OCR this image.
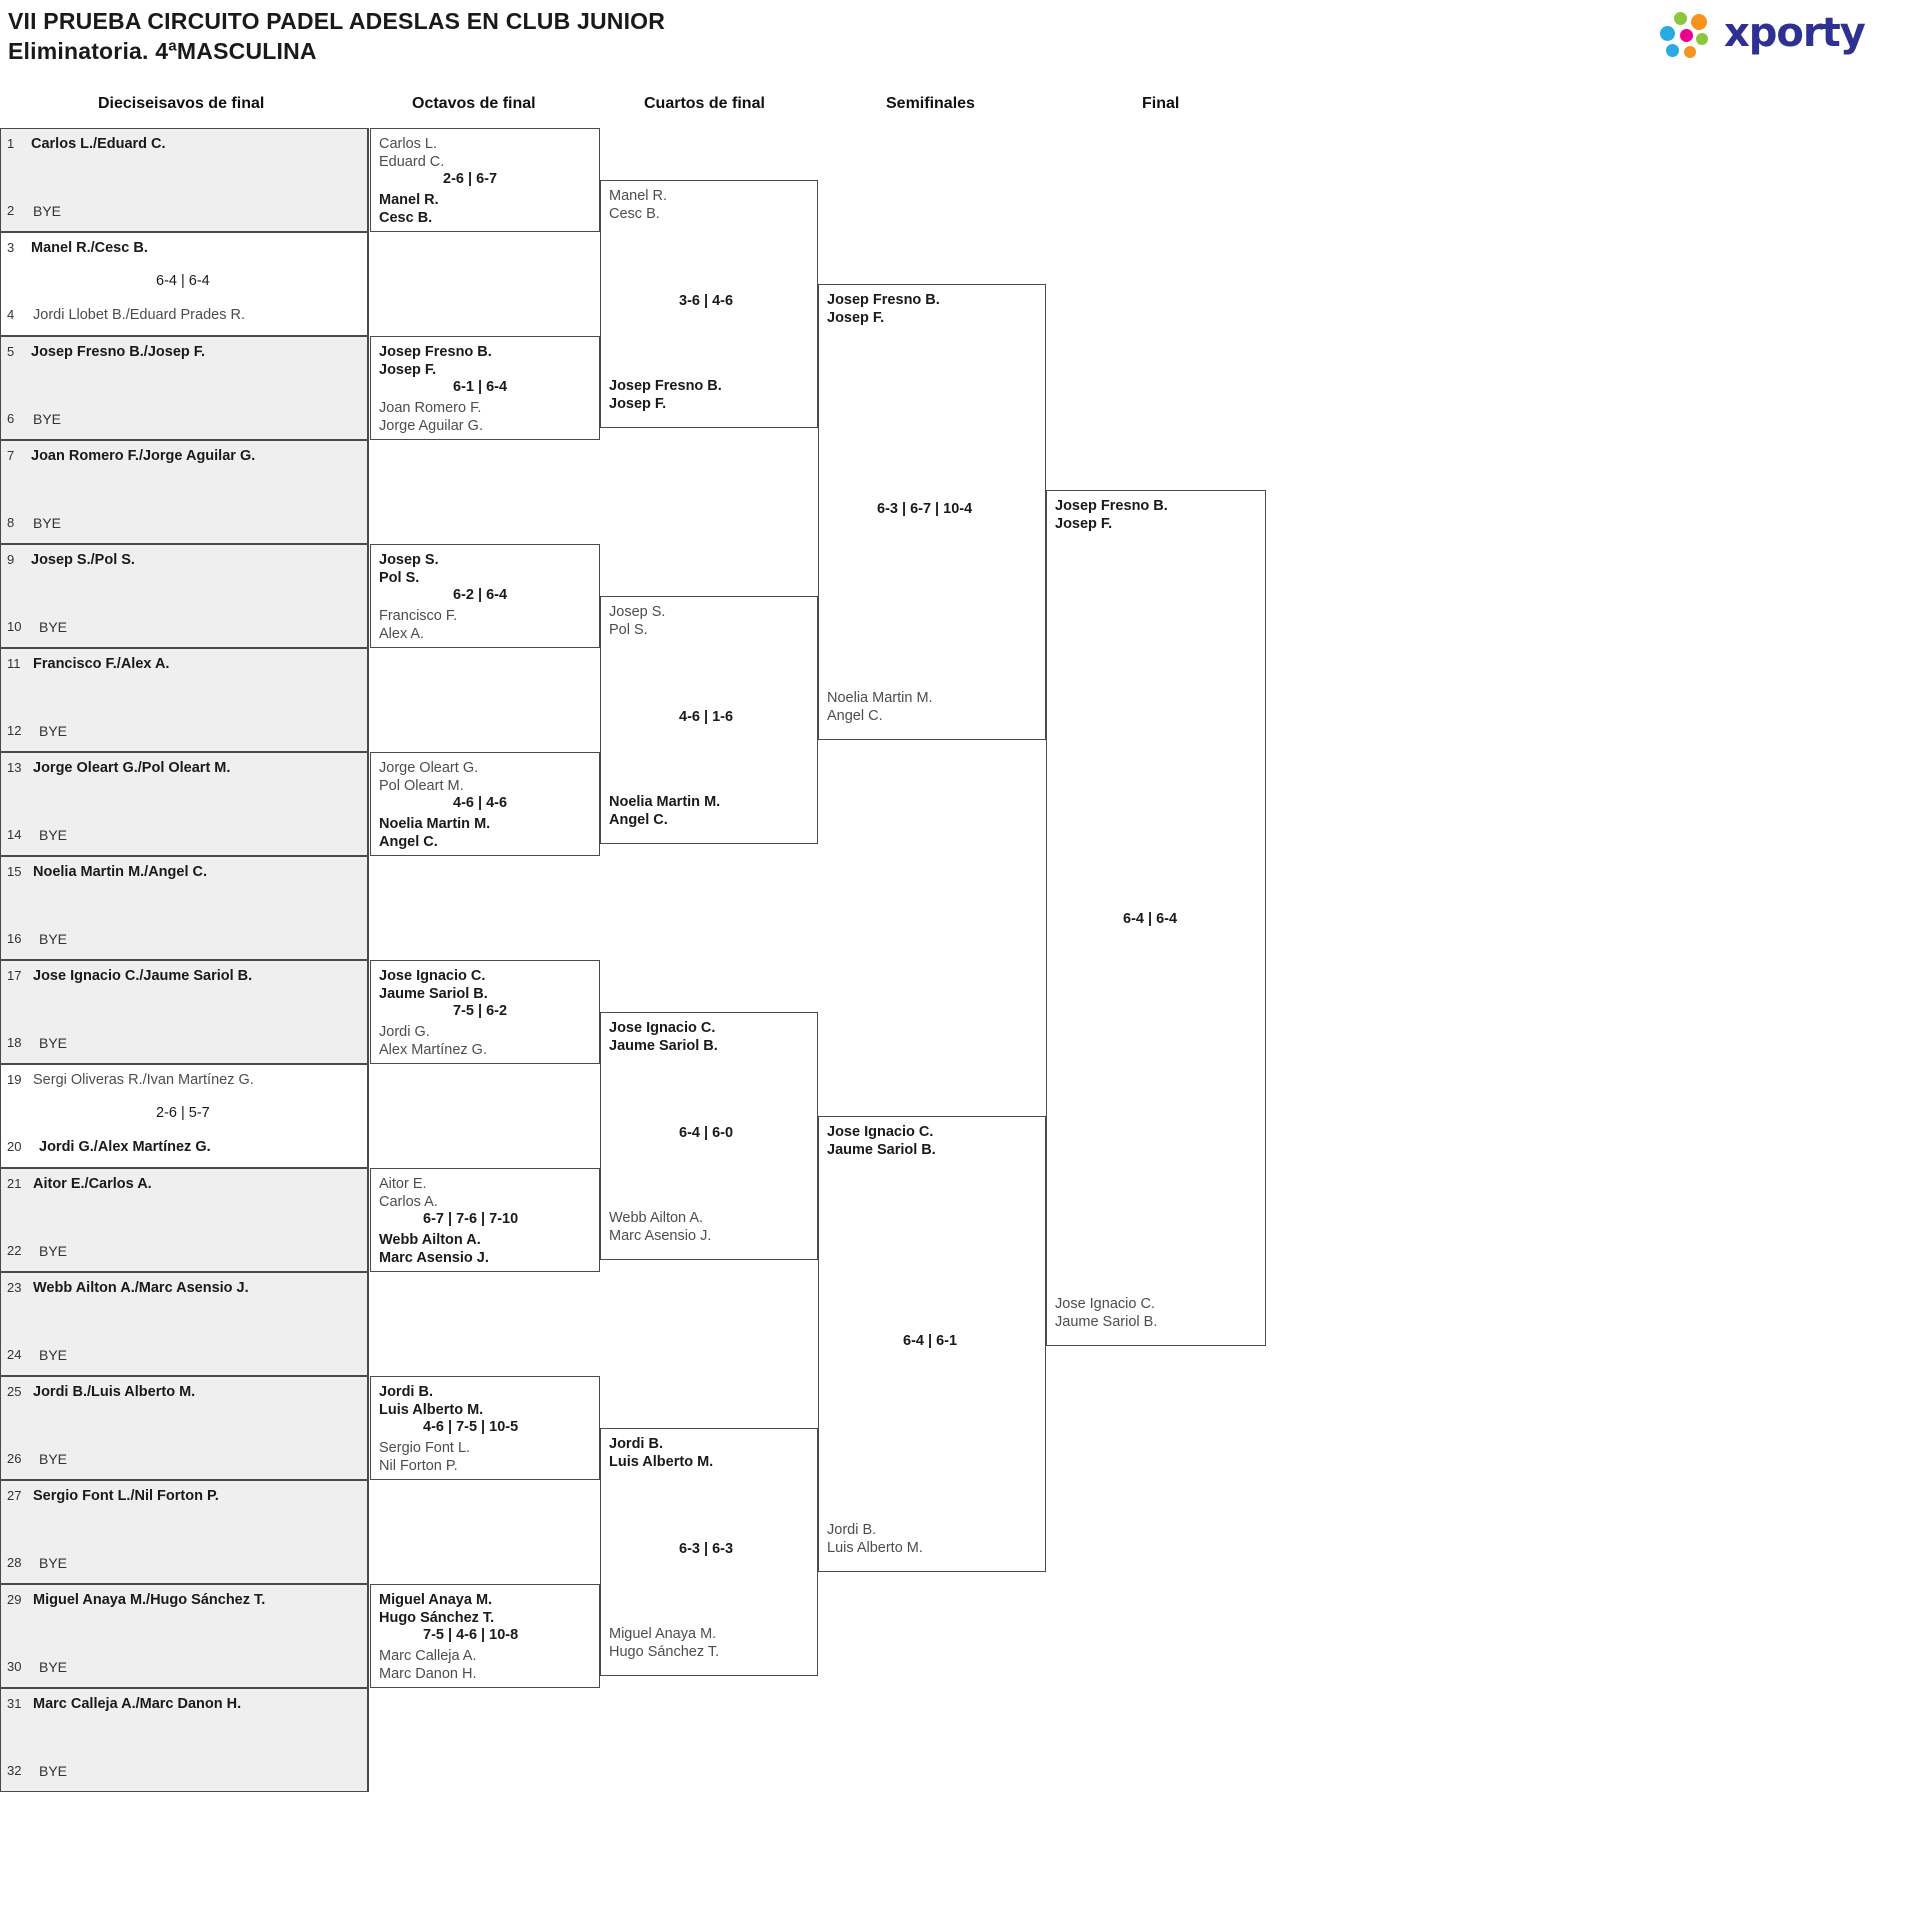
VII PRUEBA CIRCUITO PADEL ADESLAS EN CLUB JUNIOR
Eliminatoria. 4ªMASCULINA	xporty
Dieciseisavos de final	Octavos de final	Cuartos de final	Semifinales	Final
1 Carlos L./Eduard C.
2 BYE
3 Manel R./Cesc B.
6-4 | 6-4
4 Jordi Llobet B./Eduard Prades R.
5 Josep Fresno B./Josep F.
6 BYE
7 Joan Romero F./Jorge Aguilar G.
8 BYE
9 Josep S./Pol S.
10 BYE
11 Francisco F./Alex A.
12 BYE
13 Jorge Oleart G./Pol Oleart M.
14 BYE
15 Noelia Martin M./Angel C.
16 BYE
17 Jose Ignacio C./Jaume Sariol B.
18 BYE
19 Sergi Oliveras R./Ivan Martínez G.
2-6 | 5-7
20 Jordi G./Alex Martínez G.
21 Aitor E./Carlos A.
22 BYE
23 Webb Ailton A./Marc Asensio J.
24 BYE
25 Jordi B./Luis Alberto M.
26 BYE
27 Sergio Font L./Nil Forton P.
28 BYE
29 Miguel Anaya M./Hugo Sánchez T.
30 BYE
31 Marc Calleja A./Marc Danon H.
32 BYE
Carlos L.
Eduard C.
2-6 | 6-7
Manel R.
Cesc B.
Josep Fresno B.
Josep F.
6-1 | 6-4
Joan Romero F.
Jorge Aguilar G.
Josep S.
Pol S.
6-2 | 6-4
Francisco F.
Alex A.
Jorge Oleart G.
Pol Oleart M.
4-6 | 4-6
Noelia Martin M.
Angel C.
Jose Ignacio C.
Jaume Sariol B.
7-5 | 6-2
Jordi G.
Alex Martínez G.
Aitor E.
Carlos A.
6-7 | 7-6 | 7-10
Webb Ailton A.
Marc Asensio J.
Jordi B.
Luis Alberto M.
4-6 | 7-5 | 10-5
Sergio Font L.
Nil Forton P.
Miguel Anaya M.
Hugo Sánchez T.
7-5 | 4-6 | 10-8
Marc Calleja A.
Marc Danon H.
Manel R.
Cesc B.
3-6 | 4-6
Josep Fresno B.
Josep F.
Josep S.
Pol S.
4-6 | 1-6
Noelia Martin M.
Angel C.
Jose Ignacio C.
Jaume Sariol B.
6-4 | 6-0
Webb Ailton A.
Marc Asensio J.
Jordi B.
Luis Alberto M.
6-3 | 6-3
Miguel Anaya M.
Hugo Sánchez T.
Josep Fresno B.
Josep F.
6-3 | 6-7 | 10-4
Noelia Martin M.
Angel C.
Jose Ignacio C.
Jaume Sariol B.
6-4 | 6-1
Jordi B.
Luis Alberto M.
Josep Fresno B.
Josep F.
6-4 | 6-4
Jose Ignacio C.
Jaume Sariol B.
